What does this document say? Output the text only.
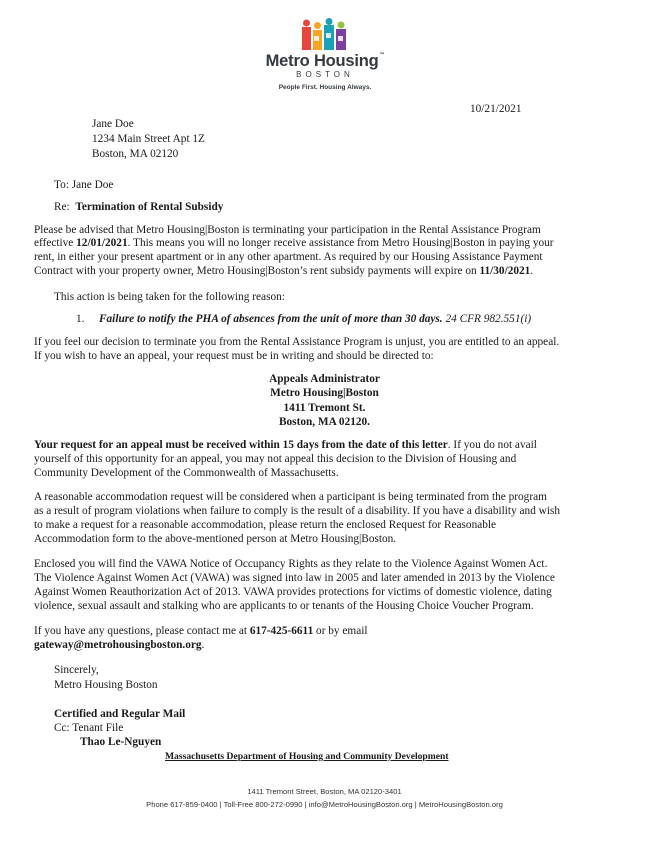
Metro Housing™
BOSTON
People First. Housing Always.
10/21/2021
Jane Doe
1234 Main Street Apt 1Z
Boston, MA 02120
To: Jane Doe
Re: Termination of Rental Subsidy
Please be advised that Metro Housing|Boston is terminating your participation in the Rental Assistance Program
effective 12/01/2021. This means you will no longer receive assistance from Metro Housing|Boston in paying your
rent, in either your present apartment or in any other apartment. As required by our Housing Assistance Payment
Contract with your property owner, Metro Housing|Boston’s rent subsidy payments will expire on 11/30/2021.
This action is being taken for the following reason:
1. Failure to notify the PHA of absences from the unit of more than 30 days. 24 CFR 982.551(i)
If you feel our decision to terminate you from the Rental Assistance Program is unjust, you are entitled to an appeal.
If you wish to have an appeal, your request must be in writing and should be directed to:
Appeals Administrator
Metro Housing|Boston
1411 Tremont St.
Boston, MA 02120.
Your request for an appeal must be received within 15 days from the date of this letter. If you do not avail
yourself of this opportunity for an appeal, you may not appeal this decision to the Division of Housing and
Community Development of the Commonwealth of Massachusetts.
A reasonable accommodation request will be considered when a participant is being terminated from the program
as a result of program violations when failure to comply is the result of a disability. If you have a disability and wish
to make a request for a reasonable accommodation, please return the enclosed Request for Reasonable
Accommodation form to the above-mentioned person at Metro Housing|Boston.
Enclosed you will find the VAWA Notice of Occupancy Rights as they relate to the Violence Against Women Act.
The Violence Against Women Act (VAWA) was signed into law in 2005 and later amended in 2013 by the Violence
Against Women Reauthorization Act of 2013. VAWA provides protections for victims of domestic violence, dating
violence, sexual assault and stalking who are applicants to or tenants of the Housing Choice Voucher Program.
If you have any questions, please contact me at 617-425-6611 or by email
gateway@metrohousingboston.org.
Sincerely,
Metro Housing Boston
Certified and Regular Mail
Cc: Tenant File
Thao Le-Nguyen
Massachusetts Department of Housing and Community Development
1411 Tremont Street, Boston, MA 02120-3401
Phone 617-859-0400 | Toll-Free 800-272-0990 | info@MetroHousingBoston.org | MetroHousingBoston.org
